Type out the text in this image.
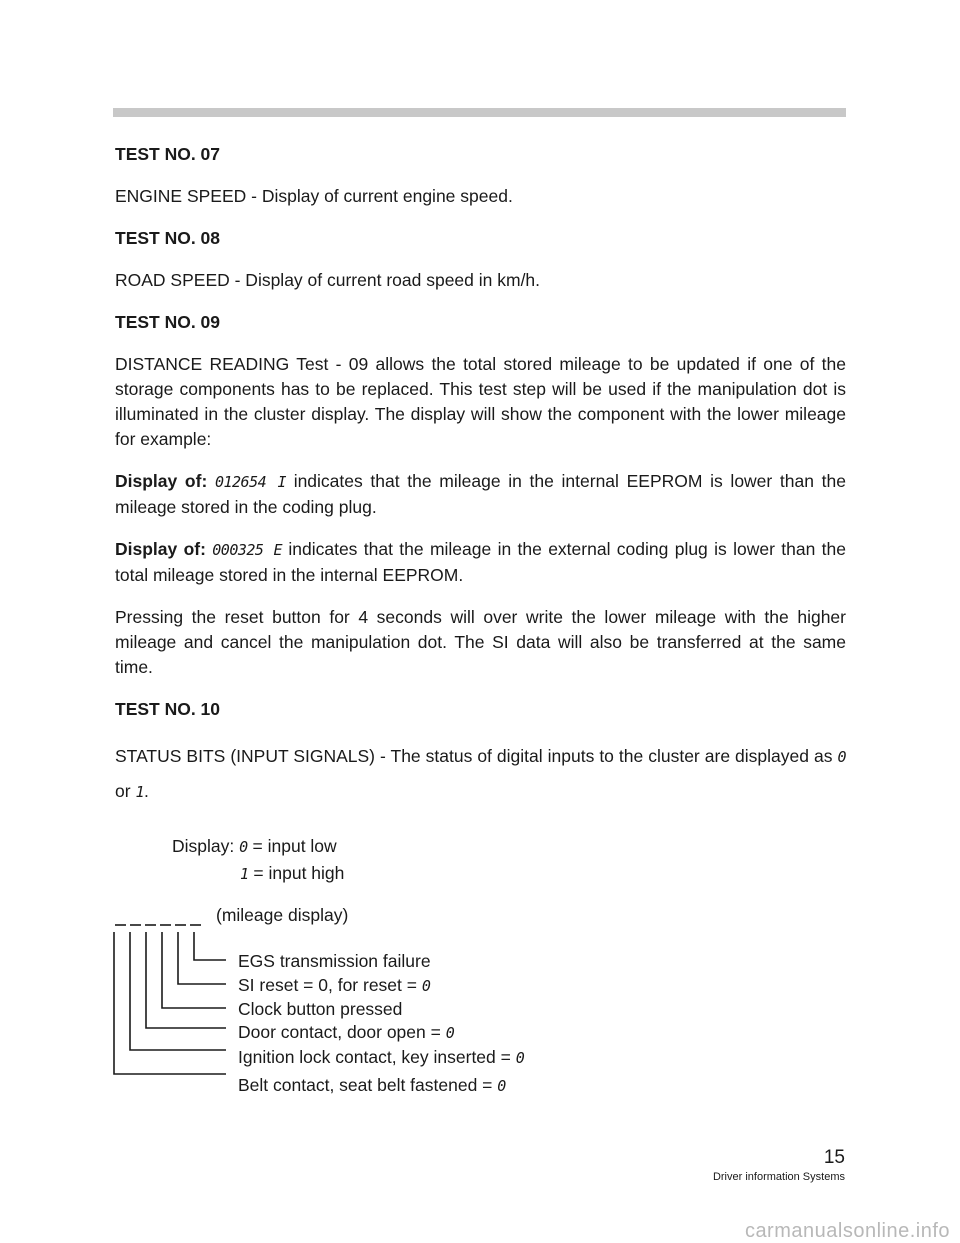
TEST NO. 07
ENGINE SPEED - Display of current engine speed.
TEST NO. 08
ROAD SPEED - Display of current road speed in km/h.
TEST NO. 09
DISTANCE READING Test - 09 allows the total stored mileage to be updated if one of the storage components has to be replaced. This test step will be used if the manipulation dot is illuminated in the cluster display. The display will show the component with the lower mileage for example:
Display of: 012654 I indicates that the mileage in the internal EEPROM is lower than the mileage stored in the coding plug.
Display of: 000325 E indicates that the mileage in the external coding plug is lower than the total mileage stored in the internal EEPROM.
Pressing the reset button for 4 seconds will over write the lower mileage with the higher mileage and cancel the manipulation dot. The SI data will also be transferred at the same time.
TEST NO. 10
STATUS BITS (INPUT SIGNALS) - The status of digital inputs to the cluster are displayed as 0 or 1.
Display: 0 = input low
1 = input high
(mileage display)
EGS transmission failure
SI reset = 0, for reset = 0
Clock button pressed
Door contact, door open = 0
Ignition lock contact, key inserted = 0
Belt contact, seat belt fastened = 0
15
Driver information Systems
carmanualsonline.info
